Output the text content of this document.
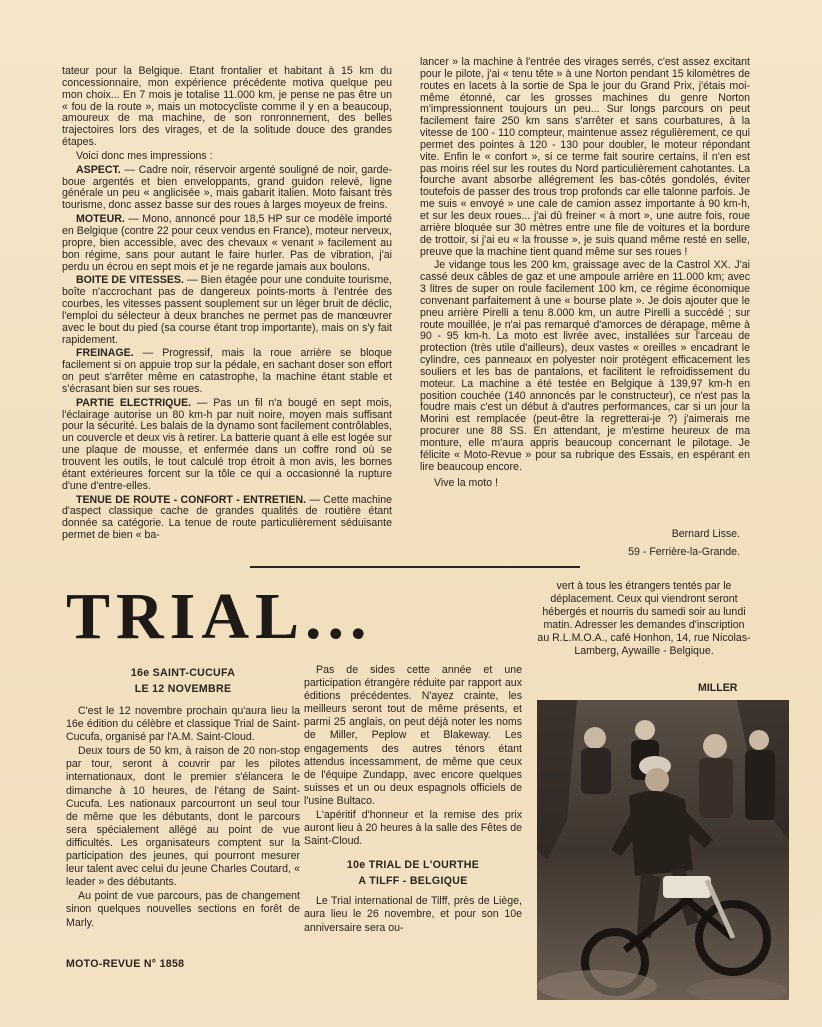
tateur pour la Belgique. Etant frontalier et habitant à 15 km du concessionnaire, mon expérience précédente motiva quelque peu mon choix... En 7 mois je totalise 11.000 km, je pense ne pas être un « fou de la route », mais un motocycliste comme il y en a beaucoup, amoureux de ma machine, de son ronronnement, des belles trajectoires lors des virages, et de la solitude douce des grandes étapes.

Voici donc mes impressions :

ASPECT. — Cadre noir, réservoir argenté souligné de noir, garde-boue argentés et bien enveloppants, grand guidon relevé, ligne générale un peu « anglicisée », mais gabarit italien. Moto faisant très tourisme, donc assez basse sur des roues à larges moyeux de freins.

MOTEUR. — Mono, annoncé pour 18,5 HP sur ce modèle importé en Belgique (contre 22 pour ceux vendus en France), moteur nerveux, propre, bien accessible, avec des chevaux « venant » facilement au bon régime, sans pour autant le faire hurler. Pas de vibration, j'ai perdu un écrou en sept mois et je ne regarde jamais aux boulons.

BOITE DE VITESSES. — Bien étagée pour une conduite tourisme, boîte n'accrochant pas de dangereux points-morts à l'entrée des courbes, les vitesses passent souplement sur un léger bruit de déclic, l'emploi du sélecteur à deux branches ne permet pas de manœuvrer avec le bout du pied (sa course étant trop importante), mais on s'y fait rapidement.

FREINAGE. — Progressif, mais la roue arrière se bloque facilement si on appuie trop sur la pédale, en sachant doser son effort on peut s'arrêter même en catastrophe, la machine étant stable et s'écrasant bien sur ses roues.

PARTIE ELECTRIQUE. — Pas un fil n'a bougé en sept mois, l'éclairage autorise un 80 km-h par nuit noire, moyen mais suffisant pour la sécurité. Les balais de la dynamo sont facilement contrôlables, un couvercle et deux vis à retirer. La batterie quant à elle est logée sur une plaque de mousse, et enfermée dans un coffre rond où se trouvent les outils, le tout calculé trop étroit à mon avis, les bornes étant extérieures forcent sur la tôle ce qui a occasionné la rupture d'une d'entre-elles.

TENUE DE ROUTE - CONFORT - ENTRETIEN. — Cette machine d'aspect classique cache de grandes qualités de routière étant donnée sa catégorie. La tenue de route particulièrement séduisante permet de bien « ba-

lancer » la machine à l'entrée des virages serrés, c'est assez excitant pour le pilote, j'ai « tenu tête » à une Norton pendant 15 kilomètres de routes en lacets à la sortie de Spa le jour du Grand Prix, j'étais moi-même étonné, car les grosses machines du genre Norton m'impressionnent toujours un peu... Sur longs parcours on peut facilement faire 250 km sans s'arrêter et sans courbatures, à la vitesse de 100 - 110 compteur, maintenue assez régulièrement, ce qui permet des pointes à 120 - 130 pour doubler, le moteur répondant vite. Enfin le « confort », si ce terme fait sourire certains, il n'en est pas moins réel sur les routes du Nord particulièrement cahotantes. La fourche avant absorbe allégrement les bas-côtés gondolés, éviter toutefois de passer des trous trop profonds car elle talonne parfois. Je me suis « envoyé » une cale de camion assez importante à 90 km-h, et sur les deux roues... j'ai dû freiner « à mort », une autre fois, roue arrière bloquée sur 30 mètres entre une file de voitures et la bordure de trottoir, si j'ai eu « la frousse », je suis quand même resté en selle, preuve que la machine tient quand même sur ses roues !

Je vidange tous les 200 km, graissage avec de la Castrol XX. J'ai cassé deux câbles de gaz et une ampoule arrière en 11.000 km; avec 3 litres de super on roule facilement 100 km, ce régime économique convenant parfaitement à une « bourse plate ». Je dois ajouter que le pneu arrière Pirelli a tenu 8.000 km, un autre Pirelli a succédé ; sur route mouillée, je n'ai pas remarqué d'amorces de dérapage, même à 90 - 95 km-h. La moto est livrée avec, installées sur l'arceau de protection (très utile d'ailleurs), deux vastes « oreilles » encadrant le cylindre, ces panneaux en polyester noir protègent efficacement les souliers et les bas de pantalons, et facilitent le refroidissement du moteur. La machine a été testée en Belgique à 139,97 km-h en position couchée (140 annoncés par le constructeur), ce n'est pas la foudre mais c'est un début à d'autres performances, car si un jour la Morini est remplacée (peut-être la regretterai-je ?) j'aimerais me procurer une 88 SS. En attendant, je m'estime heureux de ma monture, elle m'aura appris beaucoup concernant le pilotage. Je félicite « Moto-Revue » pour sa rubrique des Essais, en espérant en lire beaucoup encore.

Vive la moto !

Bernard Lisse.
59 - Ferrière-la-Grande.
TRIAL...

16e SAINT-CUCUFA

LE 12 NOVEMBRE

C'est le 12 novembre prochain qu'aura lieu la 16e édition du célèbre et classique Trial de Saint-Cucufa, organisé par l'A.M. Saint-Cloud.

Deux tours de 50 km, à raison de 20 non-stop par tour, seront à couvrir par les pilotes internationaux, dont le premier s'élancera le dimanche à 10 heures, de l'étang de Saint-Cucufa. Les nationaux parcourront un seul tour de même que les débutants, dont le parcours sera spécialement allégé au point de vue difficultés. Les organisateurs comptent sur la participation des jeunes, qui pourront mesurer leur talent avec celui du jeune Charles Coutard, « leader » des débutants.

Au point de vue parcours, pas de changement sinon quelques nouvelles sections en forêt de Marly.

Pas de sides cette année et une participation étrangère réduite par rapport aux éditions précédentes. N'ayez crainte, les meilleurs seront tout de même présents, et parmi 25 anglais, on peut déjà noter les noms de Miller, Peplow et Blakeway. Les engagements des autres ténors étant attendus incessamment, de même que ceux de l'équipe Zundapp, avec encore quelques suisses et un ou deux espagnols officiels de l'usine Bultaco.

L'apéritif d'honneur et la remise des prix auront lieu à 20 heures à la salle des Fêtes de Saint-Cloud.

10e TRIAL DE L'OURTHE

A TILFF - BELGIQUE

Le Trial international de Tilff, près de Liège, aura lieu le 26 novembre, et pour son 10e anniversaire sera ou-

vert à tous les étrangers tentés par le déplacement. Ceux qui viendront seront hébergés et nourris du samedi soir au lundi matin. Adresser les demandes d'inscription au R.L.M.O.A., café Honhon, 14, rue Nicolas-Lamberg, Aywaille - Belgique.

MILLER
MOTO-REVUE N° 1858
